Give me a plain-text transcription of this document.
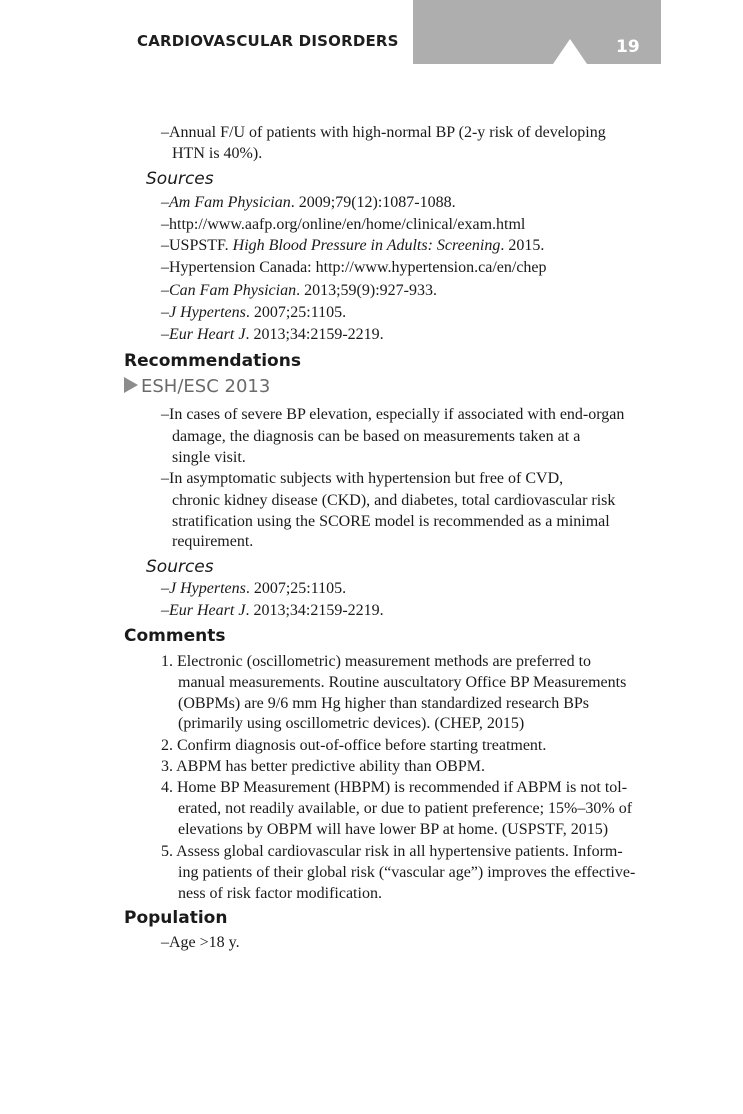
CARDIOVASCULAR DISORDERS	19
–Annual F/U of patients with high-normal BP (2-y risk of developing
HTN is 40%).
Sources
–Am Fam Physician. 2009;79(12):1087-1088.
–http://www.aafp.org/online/en/home/clinical/exam.html
–USPSTF. High Blood Pressure in Adults: Screening. 2015.
–Hypertension Canada: http://www.hypertension.ca/en/chep
–Can Fam Physician. 2013;59(9):927-933.
–J Hypertens. 2007;25:1105.
–Eur Heart J. 2013;34:2159-2219.
Recommendations
ESH/ESC 2013
–In cases of severe BP elevation, especially if associated with end-organ
damage, the diagnosis can be based on measurements taken at a
single visit.
–In asymptomatic subjects with hypertension but free of CVD,
chronic kidney disease (CKD), and diabetes, total cardiovascular risk
stratification using the SCORE model is recommended as a minimal
requirement.
Sources
–J Hypertens. 2007;25:1105.
–Eur Heart J. 2013;34:2159-2219.
Comments
1. Electronic (oscillometric) measurement methods are preferred to
manual measurements. Routine auscultatory Office BP Measurements
(OBPMs) are 9/6 mm Hg higher than standardized research BPs
(primarily using oscillometric devices). (CHEP, 2015)
2. Confirm diagnosis out-of-office before starting treatment.
3. ABPM has better predictive ability than OBPM.
4. Home BP Measurement (HBPM) is recommended if ABPM is not tol-
erated, not readily available, or due to patient preference; 15%–30% of
elevations by OBPM will have lower BP at home. (USPSTF, 2015)
5. Assess global cardiovascular risk in all hypertensive patients. Inform-
ing patients of their global risk (“vascular age”) improves the effective-
ness of risk factor modification.
Population
–Age >18 y.
